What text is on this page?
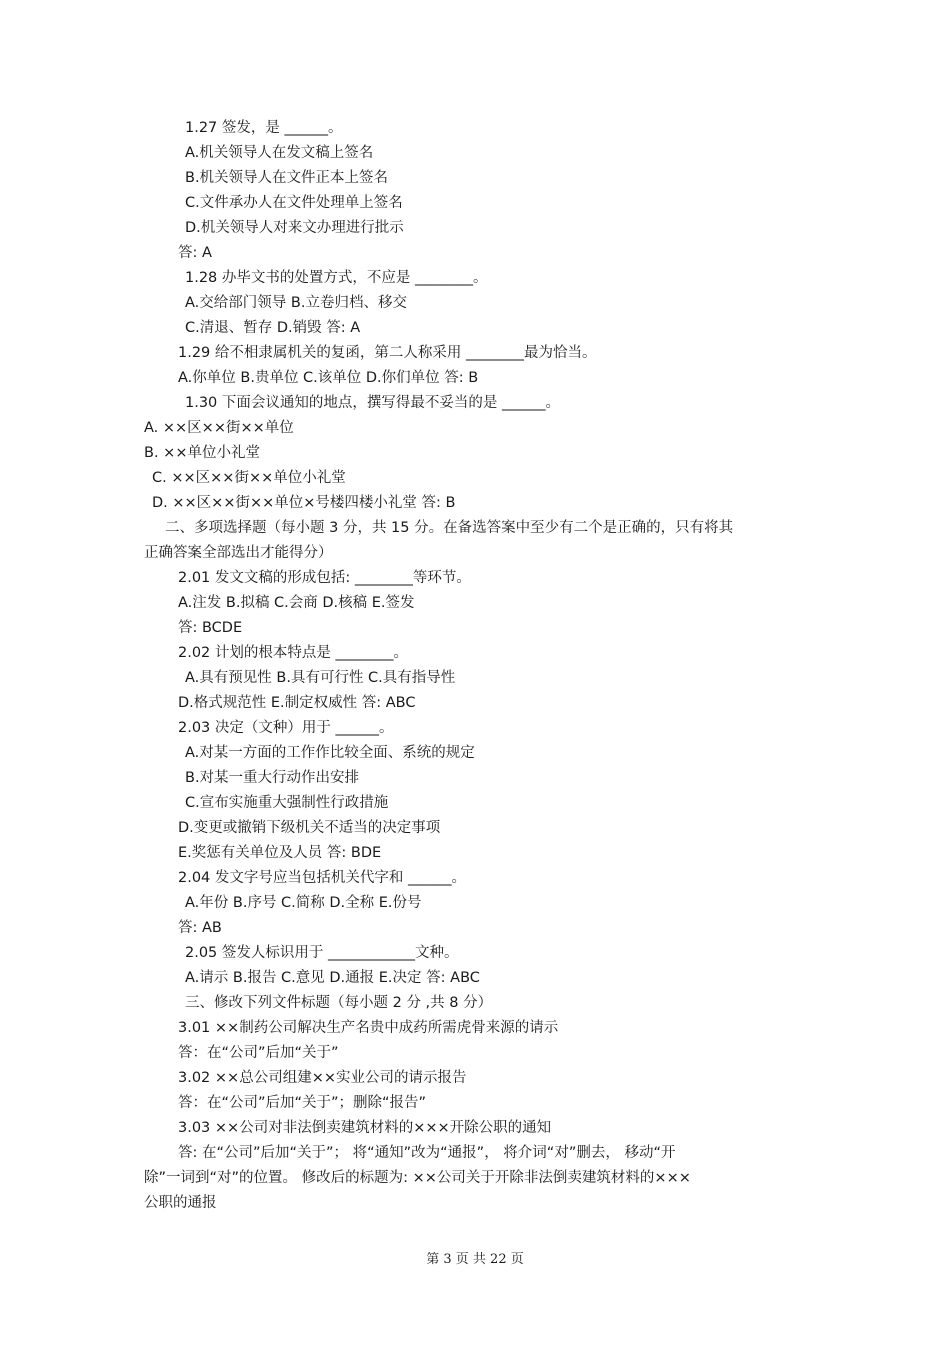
1.27 签发，是 ______。
A.机关领导人在发文稿上签名
B.机关领导人在文件正本上签名
C.文件承办人在文件处理单上签名
D.机关领导人对来文办理进行批示
答: A
1.28 办毕文书的处置方式，不应是 ________。
A.交给部门领导 B.立卷归档、移交
C.清退、暂存 D.销毁 答: A
1.29 给不相隶属机关的复函，第二人称采用 ________最为恰当。
A.你单位 B.贵单位 C.该单位 D.你们单位 答: B
1.30 下面会议通知的地点，撰写得最不妥当的是 ______。
A. ××区××街××单位
B. ××单位小礼堂
C. ××区××街××单位小礼堂
D. ××区××街××单位×号楼四楼小礼堂 答: B
二、多项选择题（每小题 3 分，共 15 分。在备选答案中至少有二个是正确的，只有将其
正确答案全部选出才能得分）
2.01 发文文稿的形成包括: ________等环节。
A.注发 B.拟稿 C.会商 D.核稿 E.签发
答: BCDE
2.02 计划的根本特点是 ________。
A.具有预见性 B.具有可行性 C.具有指导性
D.格式规范性 E.制定权威性 答: ABC
2.03 决定（文种）用于 ______。
A.对某一方面的工作作比较全面、系统的规定
B.对某一重大行动作出安排
C.宣布实施重大强制性行政措施
D.变更或撤销下级机关不适当的决定事项
E.奖惩有关单位及人员 答: BDE
2.04 发文字号应当包括机关代字和 ______。
A.年份 B.序号 C.简称 D.全称 E.份号
答: AB
2.05 签发人标识用于 ____________文种。
A.请示 B.报告 C.意见 D.通报 E.决定 答: ABC
三、修改下列文件标题（每小题 2 分 ,共 8 分）
3.01 ××制药公司解决生产名贵中成药所需虎骨来源的请示
答：在“公司”后加“关于”
3.02 ××总公司组建××实业公司的请示报告
答：在“公司”后加“关于”；删除“报告”
3.03 ××公司对非法倒卖建筑材料的×××开除公职的通知
答: 在“公司”后加“关于”； 将“通知”改为“通报”， 将介词“对”删去， 移动“开
除”一词到“对”的位置。 修改后的标题为: ××公司关于开除非法倒卖建筑材料的×××
公职的通报
第 3 页 共 22 页
